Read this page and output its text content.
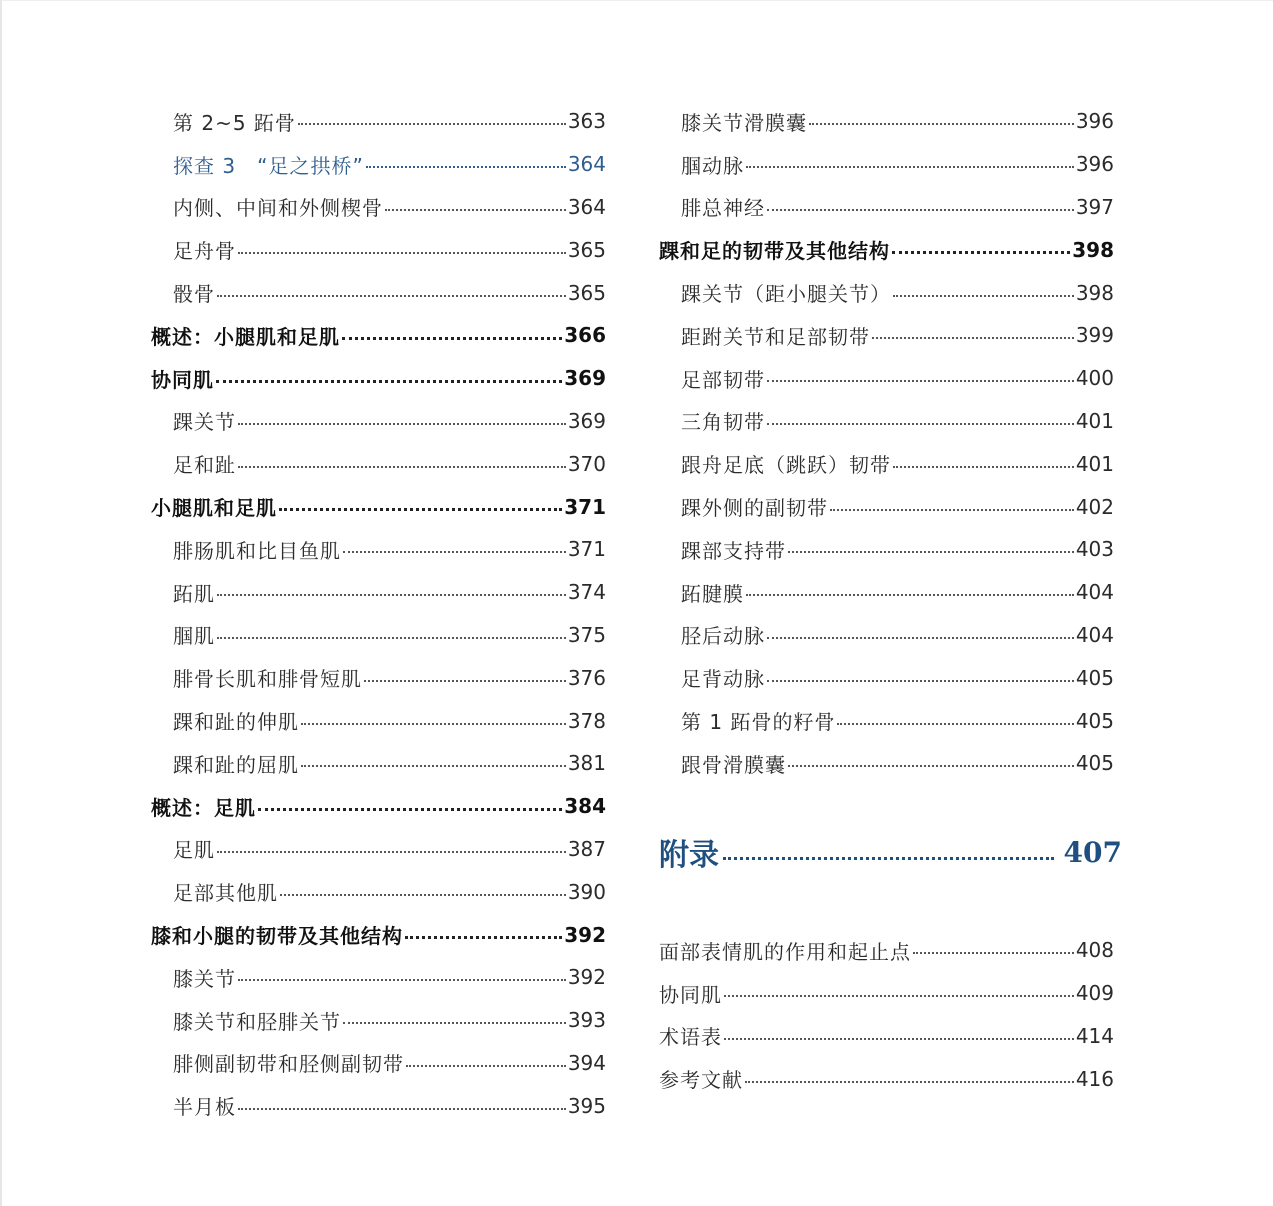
第 2~5 跖骨	363
探查 3　“足之拱桥”	364
内侧、中间和外侧楔骨	364
足舟骨	365
骰骨	365
概述：小腿肌和足肌	366
协同肌	369
踝关节	369
足和趾	370
小腿肌和足肌	371
腓肠肌和比目鱼肌	371
跖肌	374
腘肌	375
腓骨长肌和腓骨短肌	376
踝和趾的伸肌	378
踝和趾的屈肌	381
概述：足肌	384
足肌	387
足部其他肌	390
膝和小腿的韧带及其他结构	392
膝关节	392
膝关节和胫腓关节	393
腓侧副韧带和胫侧副韧带	394
半月板	395
膝关节滑膜囊	396
腘动脉	396
腓总神经	397
踝和足的韧带及其他结构	398
踝关节（距小腿关节）	398
距跗关节和足部韧带	399
足部韧带	400
三角韧带	401
跟舟足底（跳跃）韧带	401
踝外侧的副韧带	402
踝部支持带	403
跖腱膜	404
胫后动脉	404
足背动脉	405
第 1 跖骨的籽骨	405
跟骨滑膜囊	405
附录	407
面部表情肌的作用和起止点	408
协同肌	409
术语表	414
参考文献	416
